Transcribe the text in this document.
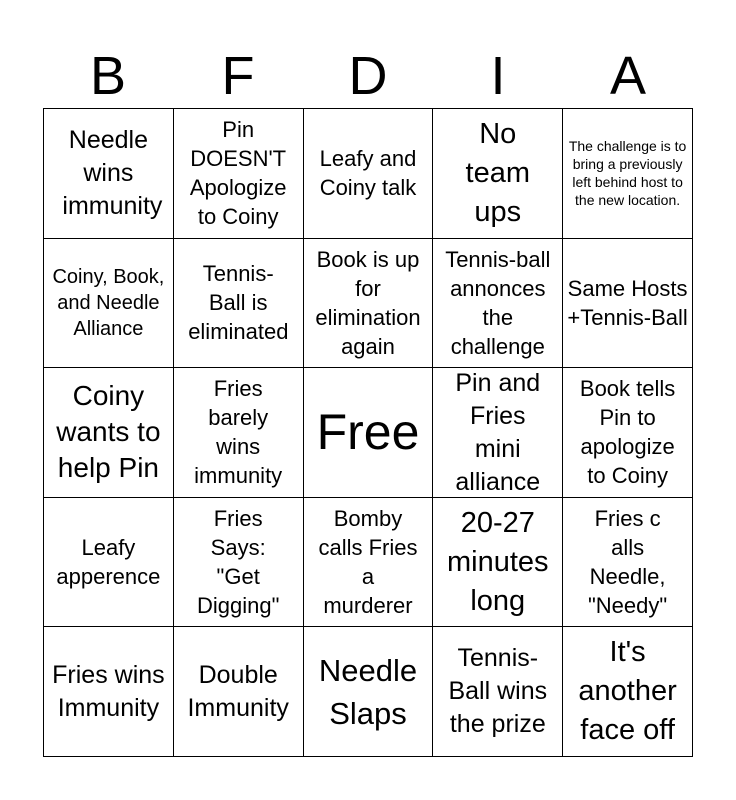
B	F	D	I	A
Needle wins immunity
Pin DOESN'T Apologize to Coiny
Leafy and Coiny talk
No team ups
The challenge is to bring a previously left behind host to the new location.
Coiny, Book, and Needle Alliance
Tennis-Ball is eliminated
Book is up for elimination again
Tennis-ball annonces the challenge
Same Hosts +Tennis-Ball
Coiny wants to help Pin
Fries barely wins immunity
Free
Pin and Fries mini alliance
Book tells Pin to apologize to Coiny
Leafy apperence
Fries Says: "Get Digging"
Bomby calls Fries a murderer
20-27 minutes long
Fries c alls Needle, "Needy"
Fries wins Immunity
Double Immunity
Needle Slaps
Tennis-Ball wins the prize
It's another face off
